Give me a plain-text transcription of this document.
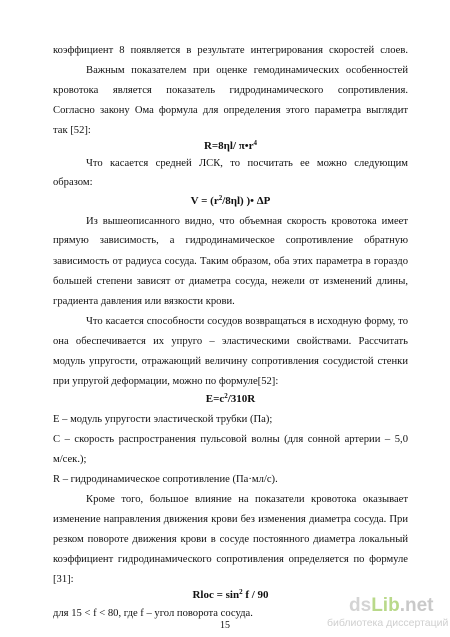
коэффициент 8 появляется в результате интегрирования скоростей слоев.
Важным показателем при оценке гемодинамических особенностей
кровотока является показатель гидродинамического сопротивления.
Согласно закону Ома формула для определения этого параметра выглядит
так [52]:
R=8ηl/ $\pi•r^4$
Что касается средней ЛСК, то посчитать ее можно следующим
образом:
$V = (r^2/8\eta l)$ )• ΔP
Из вышеописанного видно, что объемная скорость кровотока имеет
прямую зависимость, а гидродинамическое сопротивление обратную
зависимость от радиуса сосуда. Таким образом, оба этих параметра в гораздо
большей степени зависят от диаметра сосуда, нежели от изменений длины,
градиента давления или вязкости крови.
Что касается способности сосудов возвращаться в исходную форму, то
она обеспечивается их упруго – эластическими свойствами. Рассчитать
модуль упругости, отражающий величину сопротивления сосудистой стенки
при упругой деформации, можно по формуле[52]:
$E=c^2/310R$
E – модуль упругости эластической трубки (Па);
C – скорость распространения пульсовой волны (для сонной артерии – 5,0
м/сек.);
R – гидродинамическое сопротивление (Па·мл/с).
Кроме того, большое влияние на показатели кровотока оказывает
изменение направления движения крови без изменения диаметра сосуда. При
резком повороте движения крови в сосуде постоянного диаметра локальный
коэффициент гидродинамического сопротивления определяется по формуле
[31]:
Rloc = $\sin^2 f / 90$
для 15 < f < 80, где f – угол поворота сосуда.
15
dsLib.net
библиотека диссертаций
